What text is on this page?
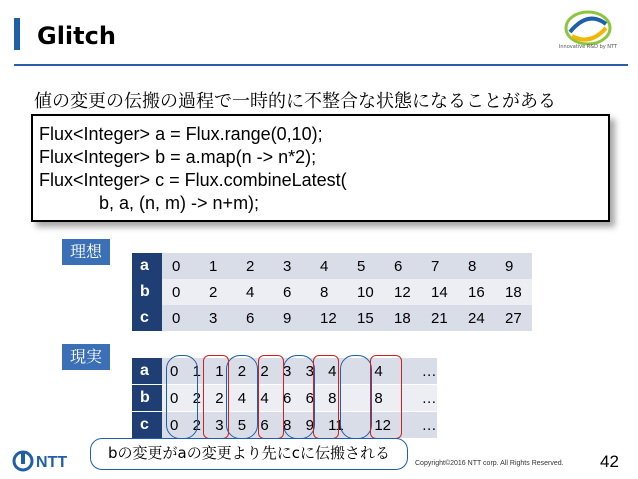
Glitch	Innovative R&D by NTT
値の変更の伝搬の過程で一時的に不整合な状態になることがある
Flux<Integer> a = Flux.range(0,10);
Flux<Integer> b = a.map(n -> n*2);
Flux<Integer> c = Flux.combineLatest(
b, a, (n, m) -> n+m);
理想
a	0	1	2	3	4	5	6	7	8	9
b	0	2	4	6	8	10	12	14	16	18
c	0	3	6	9	12	15	18	21	24	27
現実
a	0	1	1	2	2	3	3	4		4		…
b	0	2	2	4	4	6	6	8		8		…
c	0	2	3	5	6	8	9	11		12		…
bの変更がaの変更より先にcに伝搬される
NTT	Copyright©2016 NTT corp. All Rights Reserved. 42
